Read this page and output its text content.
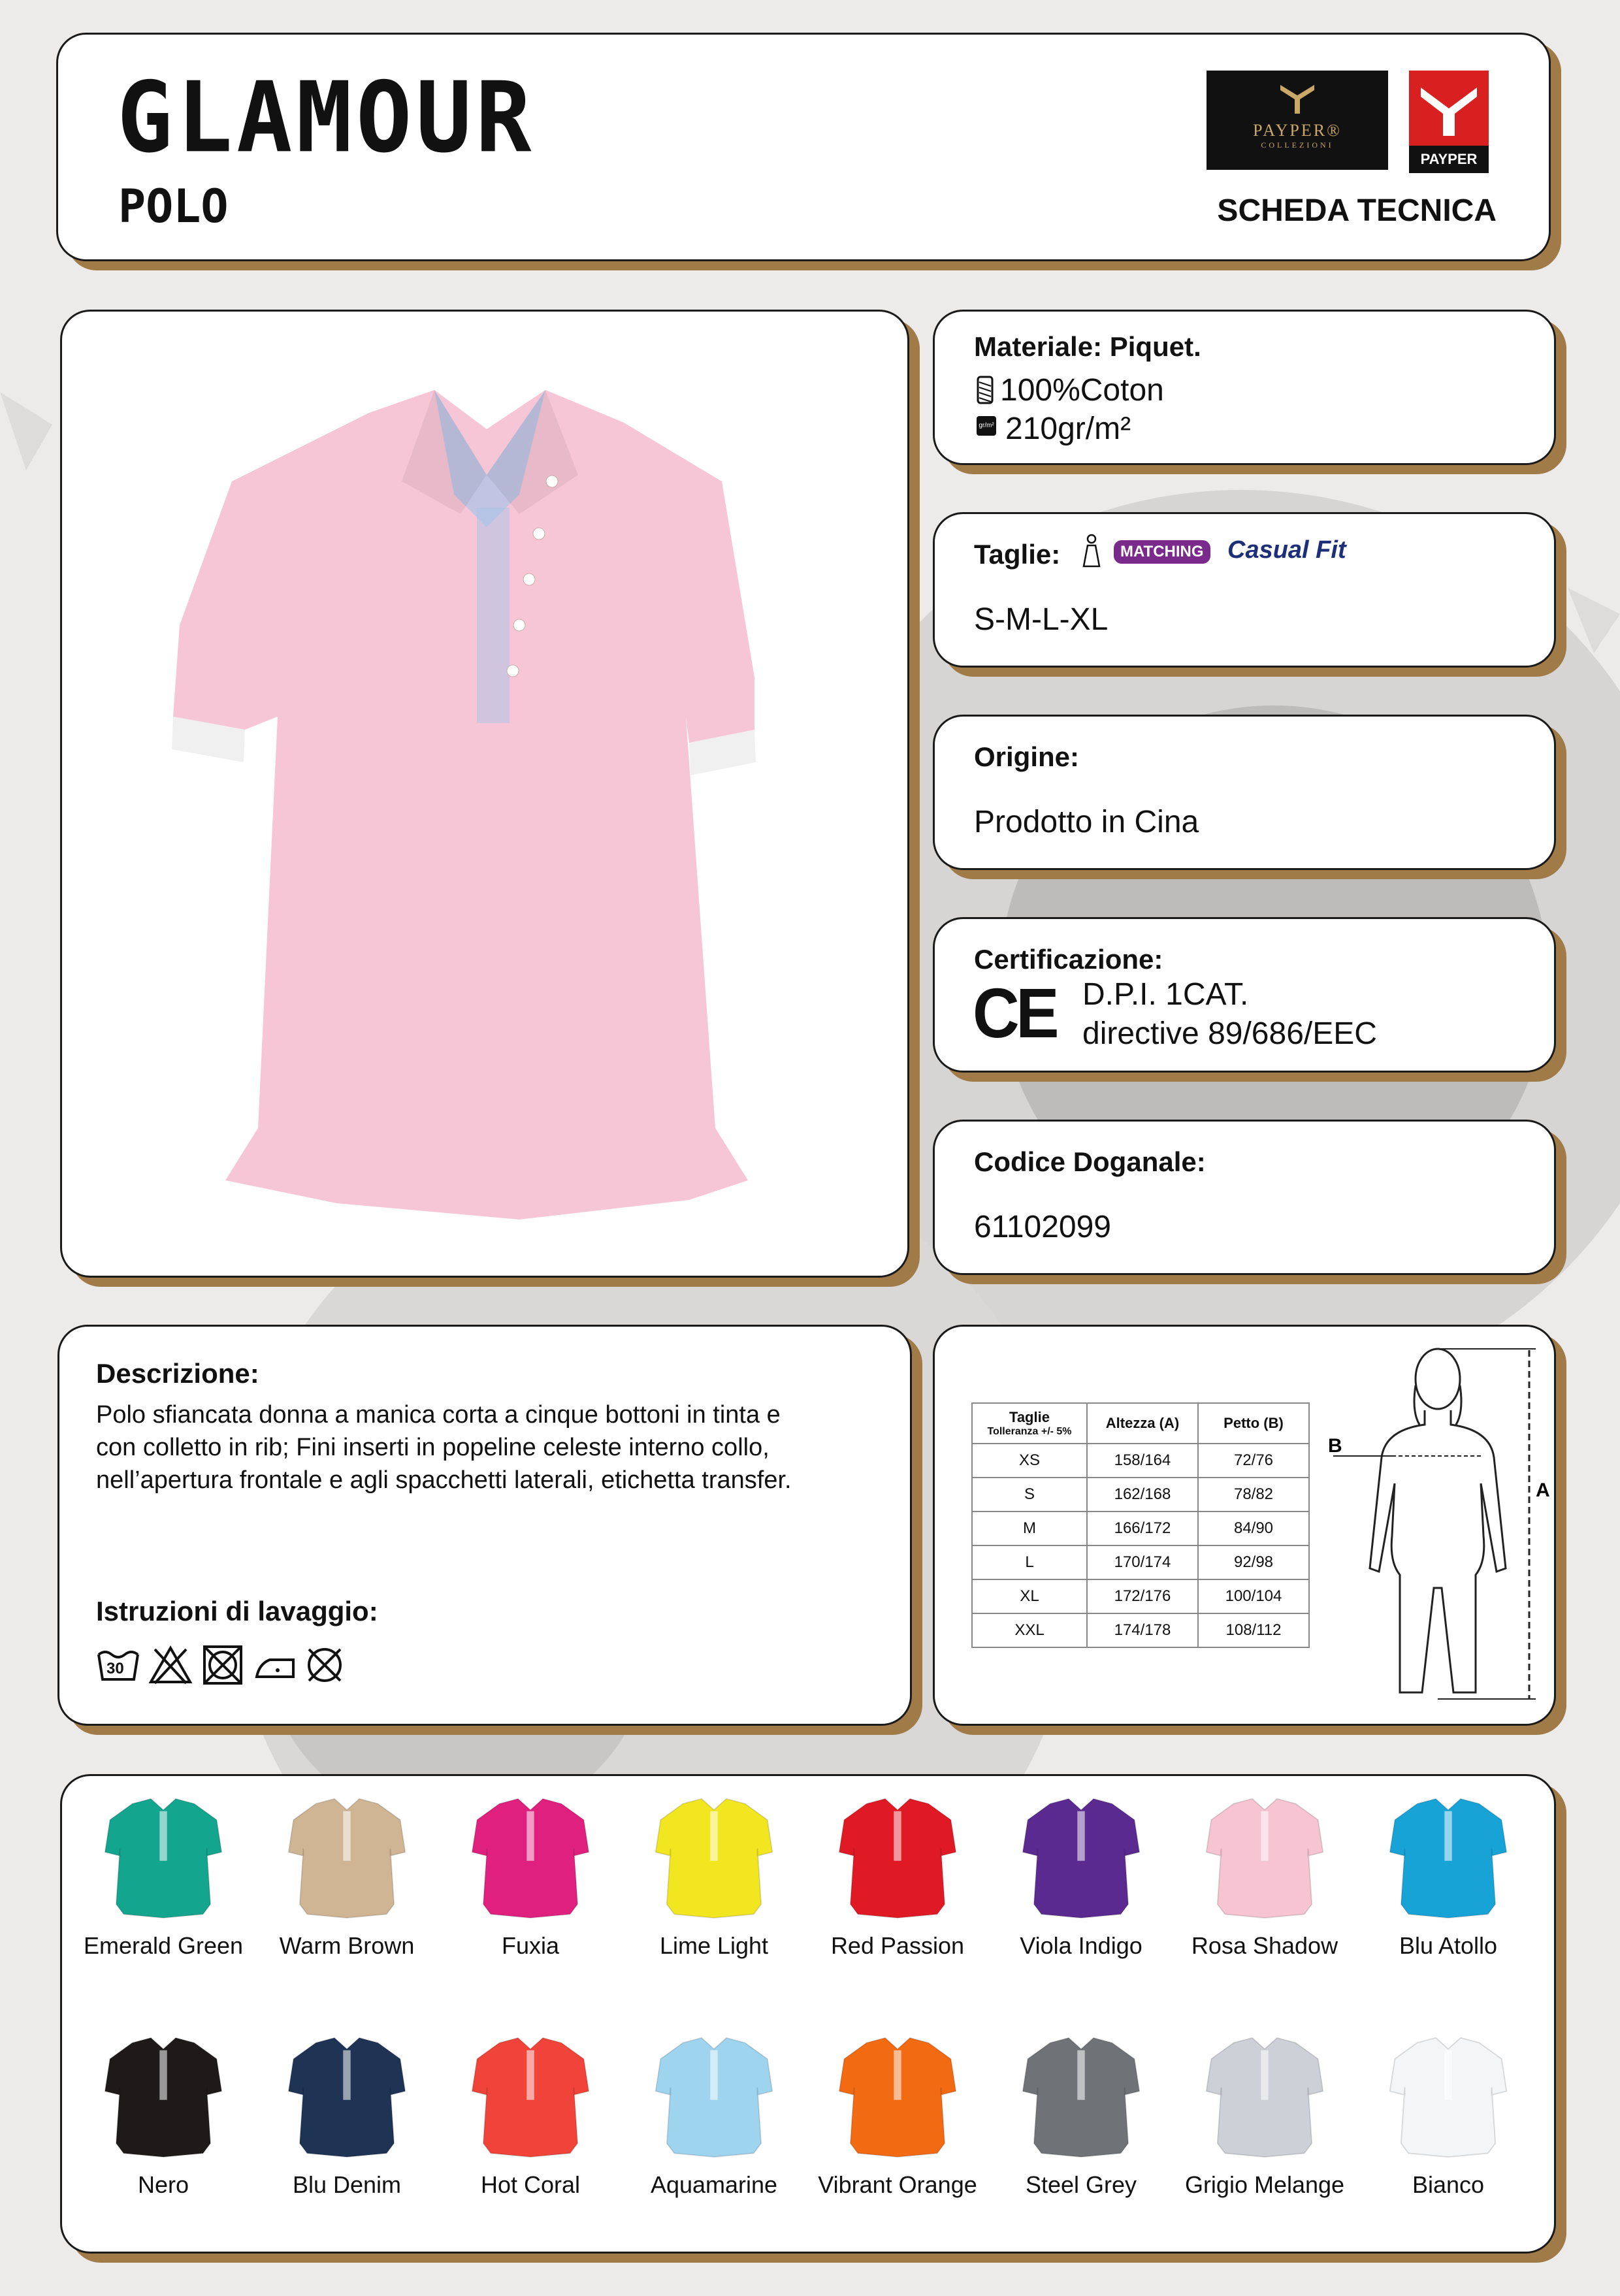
GLAMOUR
POLO
PAYPER®
COLLEZIONI
PAYPER
SCHEDA TECNICA
Materiale: Piquet.
100%Coton
gr/m² 210gr/m²
Taglie:	MATCHING Casual Fit
S-M-L-XL
Origine:
Prodotto in Cina
Certificazione:
CE D.P.I. 1CAT.
directive 89/686/EEC
Codice Doganale:
61102099
Descrizione:
Polo sfiancata donna a manica corta a cinque bottoni in tinta e
con colletto in rib; Fini inserti in popeline celeste interno collo,
nell’apertura frontale e agli spacchetti laterali, etichetta transfer.
Istruzioni di lavaggio:
30
Taglie
Tolleranza +/- 5%	Altezza (A)	Petto (B)
XS	158/164	72/76
S	162/168	78/82
M	166/172	84/90
L	170/174	92/98
XL	172/176	100/104
XXL	174/178	108/112
B
A
Emerald Green	Warm Brown	Fuxia	Lime Light	Red Passion	Viola Indigo	Rosa Shadow	Blu Atollo
Nero	Blu Denim	Hot Coral	Aquamarine	Vibrant Orange	Steel Grey	Grigio Melange	Bianco
